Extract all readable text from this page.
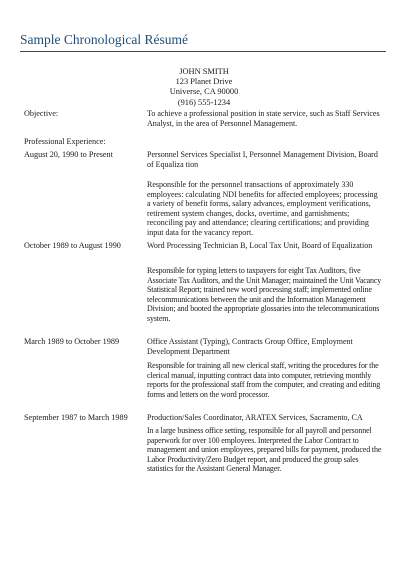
Sample Chronological Résumé
JOHN SMITH
123 Planet Drive
Universe, CA 90000
(916) 555-1234
Objective:	To achieve a professional position in state service, such as Staff Services Analyst, in the area of Personnel Management.
Professional Experience:
August 20, 1990 to Present	Personnel Services Specialist I, Personnel Management Division, Board of Equaliza tion
Responsible for the personnel transactions of approximately 330 employees: calculating NDI benefits for affected employees; processing a variety of benefit forms, salary advances, employment verifications, retirement system changes, docks, overtime, and garnishments; reconciling pay and attendance; clearing certifications; and providing input data for the vacancy report.
October 1989 to August 1990	Word Processing Technician B, Local Tax Unit, Board of Equalization
Responsible for typing letters to taxpayers for eight Tax Auditors, five Associate Tax Auditors, and the Unit Manager; maintained the Unit Vacancy Statistical Report; trained new word processing staff; implemented online telecommunications between the unit and the Information Management Division; and booted the appropriate glossaries into the telecommunications system.
March 1989 to October 1989	Office Assistant (Typing), Contracts Group Office, Employment Development Department
Responsible for training all new clerical staff, writing the procedures for the clerical manual, inputting contract data into computer, retrieving monthly reports for the professional staff from the computer, and creating and editing forms and letters on the word processor.
September 1987 to March 1989	Production/Sales Coordinator, ARATEX Services, Sacramento, CA
In a large business office setting, responsible for all payroll and personnel paperwork for over 100 employees. Interpreted the Labor Contract to management and union employees, prepared bills for payment, produced the Labor Productivity/Zero Budget report, and produced the group sales statistics for the Assistant General Manager.
